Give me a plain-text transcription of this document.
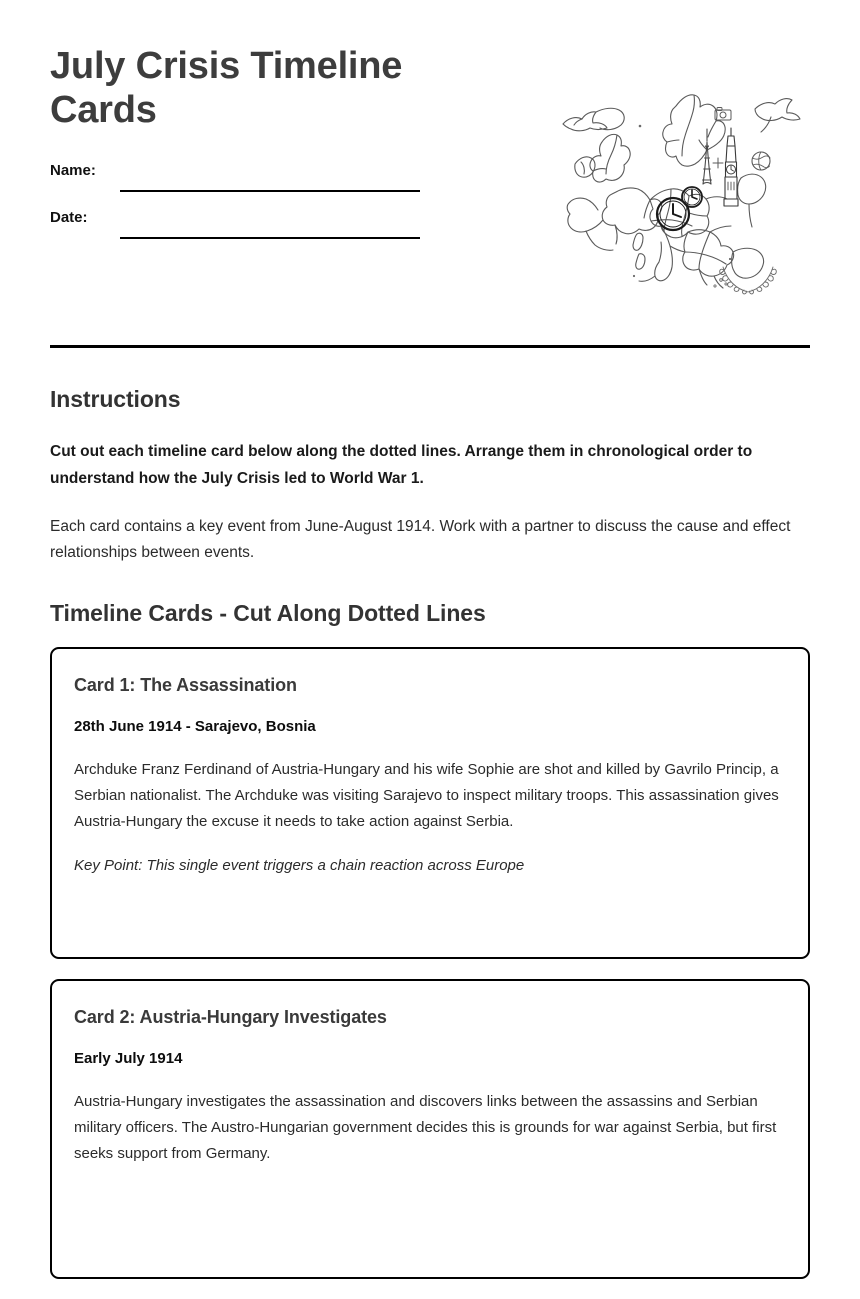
July Crisis Timeline Cards
Name:
Date:
Instructions

Cut out each timeline card below along the dotted lines. Arrange them in chronological order to understand how the July Crisis led to World War 1.

Each card contains a key event from June-August 1914. Work with a partner to discuss the cause and effect relationships between events.

Timeline Cards - Cut Along Dotted Lines

Card 1: The Assassination

28th June 1914 - Sarajevo, Bosnia

Archduke Franz Ferdinand of Austria-Hungary and his wife Sophie are shot and killed by Gavrilo Princip, a Serbian nationalist. The Archduke was visiting Sarajevo to inspect military troops. This assassination gives Austria-Hungary the excuse it needs to take action against Serbia.

Key Point: This single event triggers a chain reaction across Europe

Card 2: Austria-Hungary Investigates

Early July 1914

Austria-Hungary investigates the assassination and discovers links between the assassins and Serbian military officers. The Austro-Hungarian government decides this is grounds for war against Serbia, but first seeks support from Germany.
